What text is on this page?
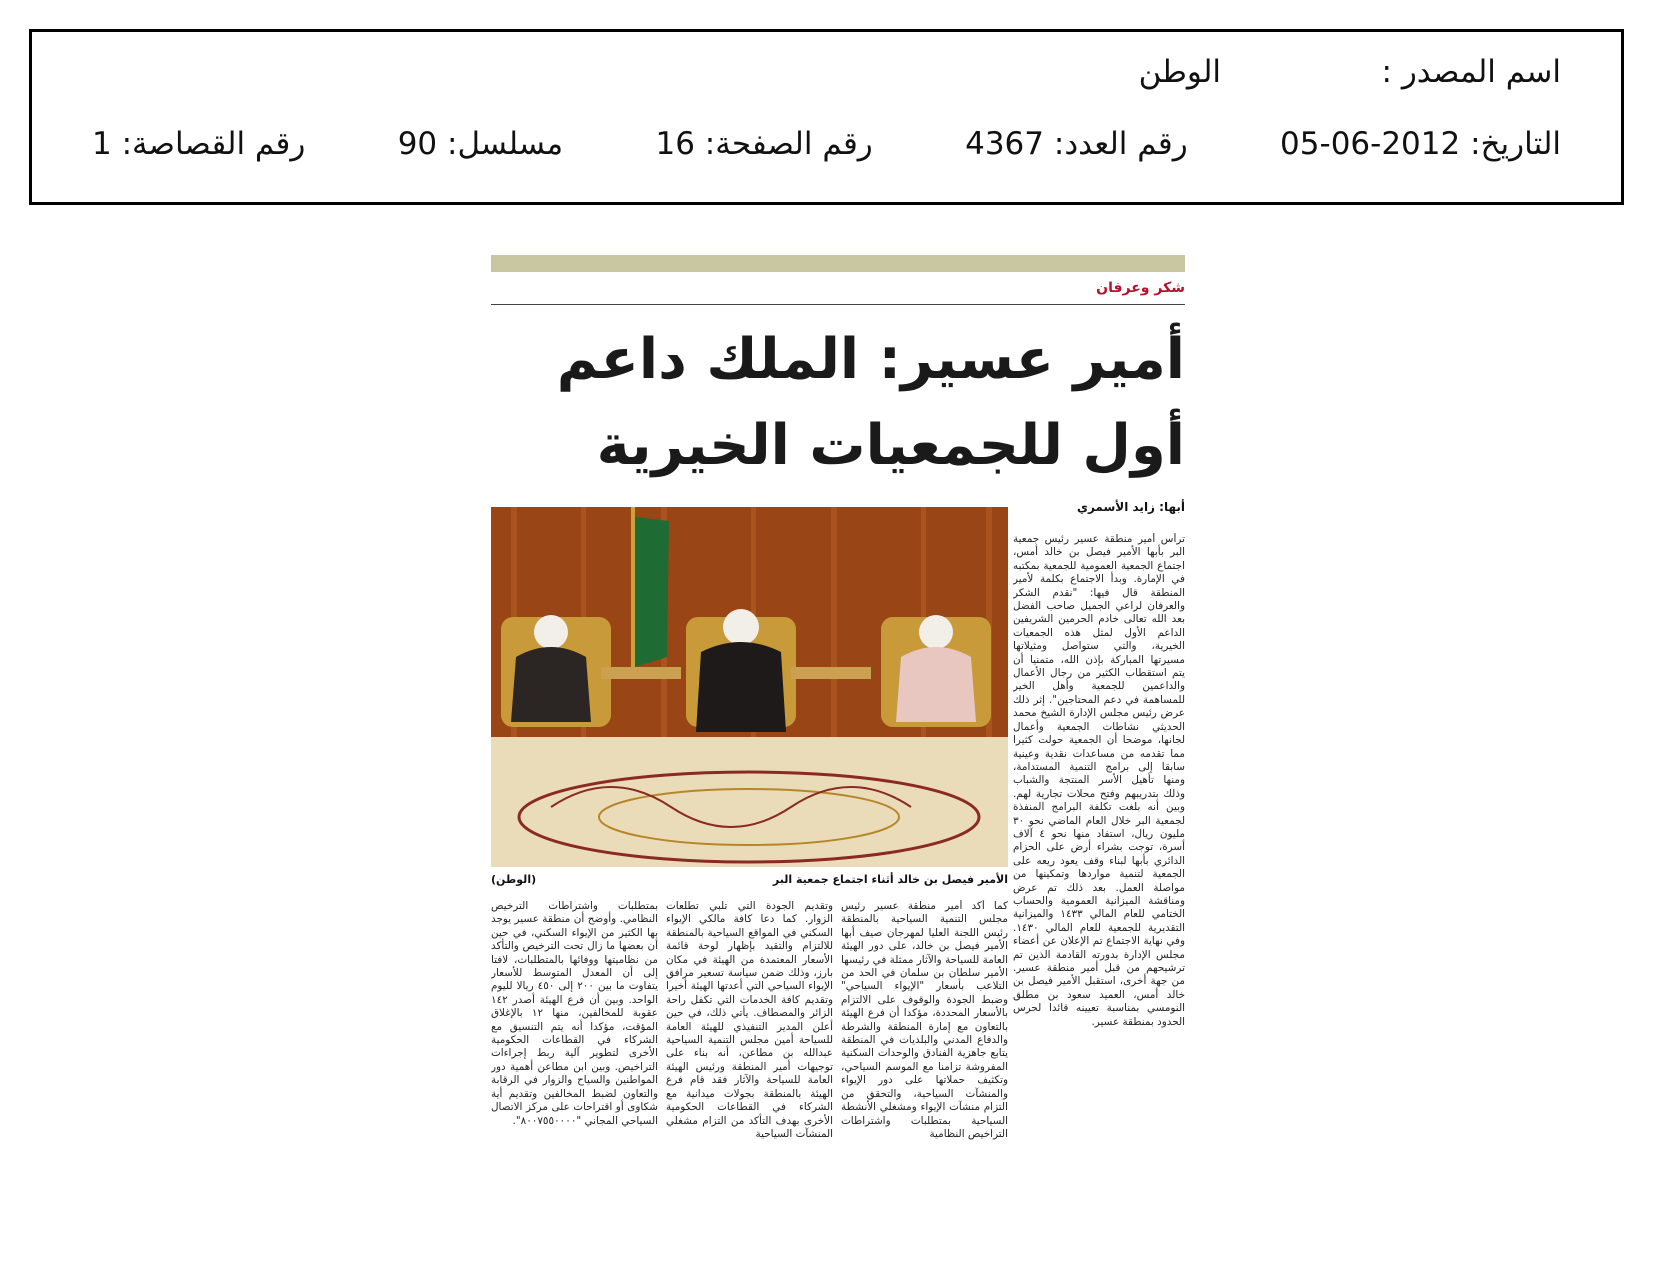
اسم المصدر :
الوطن
التاريخ: 2012-06-05
رقم العدد: 4367
رقم الصفحة: 16
مسلسل: 90
رقم القصاصة: 1
شكر وعرفان
أمير عسير: الملك داعم أول للجمعيات الخيرية
أبها: زايد الأسمري
الأمير فيصل بن خالد أثناء اجتماع جمعية البر
(الوطن)

ترأس أمير منطقة عسير رئيس جمعية البر بأبها الأمير فيصل بن خالد أمس، اجتماع الجمعية العمومية للجمعية بمكتبه في الإمارة. وبدأ الاجتماع بكلمة لأمير المنطقة قال فيها: "نقدم الشكر والعرفان لراعي الجميل صاحب الفضل بعد الله تعالى خادم الحرمين الشريفين الداعم الأول لمثل هذه الجمعيات الخيرية، والتي ستواصل ومثيلاتها مسيرتها المباركة بإذن الله، متمنيا أن يتم استقطاب الكثير من رجال الأعمال والداعمين للجمعية وأهل الخير للمساهمة في دعم المحتاجين". إثر ذلك عرض رئيس مجلس الإدارة الشيخ محمد الحديثي نشاطات الجمعية وأعمال لجانها، موضحا أن الجمعية حولت كثيرا مما تقدمه من مساعدات نقدية وعينية سابقا إلى برامج التنمية المستدامة، ومنها تأهيل الأسر المنتجة والشباب وذلك بتدريبهم وفتح محلات تجارية لهم. وبين أنه بلغت تكلفة البرامج المنفذة لجمعية البر خلال العام الماضي نحو ٣٠ مليون ريال، استفاد منها نحو ٤ آلاف أسرة، توجت بشراء أرض على الحزام الدائري بأبها لبناء وقف يعود ريعه على الجمعية لتنمية مواردها وتمكينها من مواصلة العمل. بعد ذلك تم عرض ومناقشة الميزانية العمومية والحساب الختامي للعام المالي ١٤٣٣ والميزانية التقديرية للجمعية للعام المالي ١٤٣٠. وفي نهاية الاجتماع تم الإعلان عن أعضاء مجلس الإدارة بدورته القادمة الذين تم ترشيحهم من قبل أمير منطقة عسير. من جهة أخرى، استقبل الأمير فيصل بن خالد أمس، العميد سعود بن مطلق النومسي بمناسبة تعيينه قائدا لحرس الحدود بمنطقة عسير.

كما أكد أمير منطقة عسير رئيس مجلس التنمية السياحية بالمنطقة رئيس اللجنة العليا لمهرجان صيف أبها الأمير فيصل بن خالد، على دور الهيئة العامة للسياحة والآثار ممثلة في رئيسها الأمير سلطان بن سلمان في الحد من التلاعب بأسعار "الإيواء السياحي" وضبط الجودة والوقوف على الالتزام بالأسعار المحددة، مؤكدا أن فرع الهيئة بالتعاون مع إمارة المنطقة والشرطة والدفاع المدني والبلديات في المنطقة يتابع جاهزية الفنادق والوحدات السكنية المفروشة تزامنا مع الموسم السياحي، وتكثيف حملاتها على دور الإيواء والمنشآت السياحية، والتحقق من التزام منشآت الإيواء ومشغلي الأنشطة السياحية بمتطلبات واشتراطات التراخيص النظامية

وتقديم الجودة التي تلبي تطلعات الزوار. كما دعا كافة مالكي الإيواء السكني في المواقع السياحية بالمنطقة للالتزام والتقيد بإظهار لوحة قائمة الأسعار المعتمدة من الهيئة في مكان بارز، وذلك ضمن سياسة تسعير مرافق الإيواء السياحي التي أعدتها الهيئة أخيرا وتقديم كافة الخدمات التي تكفل راحة الزائر والمصطاف. يأتي ذلك، في حين أعلن المدير التنفيذي للهيئة العامة للسياحة أمين مجلس التنمية السياحية عبدالله بن مطاعن، أنه بناء على توجيهات أمير المنطقة ورئيس الهيئة العامة للسياحة والآثار فقد قام فرع الهيئة بالمنطقة بجولات ميدانية مع الشركاء في القطاعات الحكومية الأخرى بهدف التأكد من التزام مشغلي المنشآت السياحية

بمتطلبات واشتراطات الترخيص النظامي. وأوضح أن منطقة عسير يوجد بها الكثير من الإيواء السكني، في حين أن بعضها ما زال تحت الترخيص والتأكد من نظاميتها ووفائها بالمتطلبات، لافتا إلى أن المعدل المتوسط للأسعار يتفاوت ما بين ٢٠٠ إلى ٤٥٠ ريالا لليوم الواحد. وبين أن فرع الهيئة أصدر ١٤٢ عقوبة للمخالفين، منها ١٢ بالإغلاق المؤقت، مؤكدا أنه يتم التنسيق مع الشركاء في القطاعات الحكومية الأخرى لتطوير آلية ربط إجراءات التراخيص. وبين ابن مطاعن أهمية دور المواطنين والسياح والزوار في الرقابة والتعاون لضبط المخالفين وتقديم أية شكاوى أو اقتراحات على مركز الاتصال السياحي المجاني "٨٠٠٧٥٥٠٠٠٠".
